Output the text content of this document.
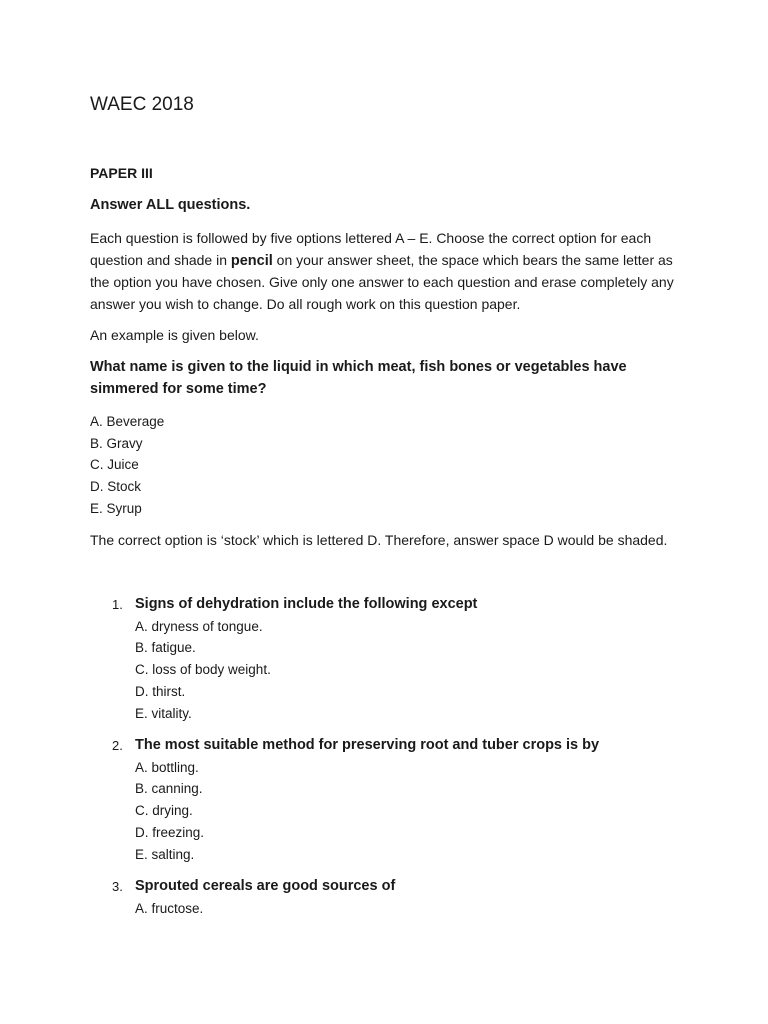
WAEC 2018

PAPER III

Answer ALL questions.

Each question is followed by five options lettered A – E. Choose the correct option for each question and shade in pencil on your answer sheet, the space which bears the same letter as the option you have chosen. Give only one answer to each question and erase completely any answer you wish to change. Do all rough work on this question paper.

An example is given below.

What name is given to the liquid in which meat, fish bones or vegetables have simmered for some time?

A. Beverage
B. Gravy
C. Juice
D. Stock
E. Syrup

The correct option is ‘stock’ which is lettered D. Therefore, answer space D would be shaded.

1. Signs of dehydration include the following except
A. dryness of tongue.
B. fatigue.
C. loss of body weight.
D. thirst.
E. vitality.
2. The most suitable method for preserving root and tuber crops is by
A. bottling.
B. canning.
C. drying.
D. freezing.
E. salting.
3. Sprouted cereals are good sources of
A. fructose.
